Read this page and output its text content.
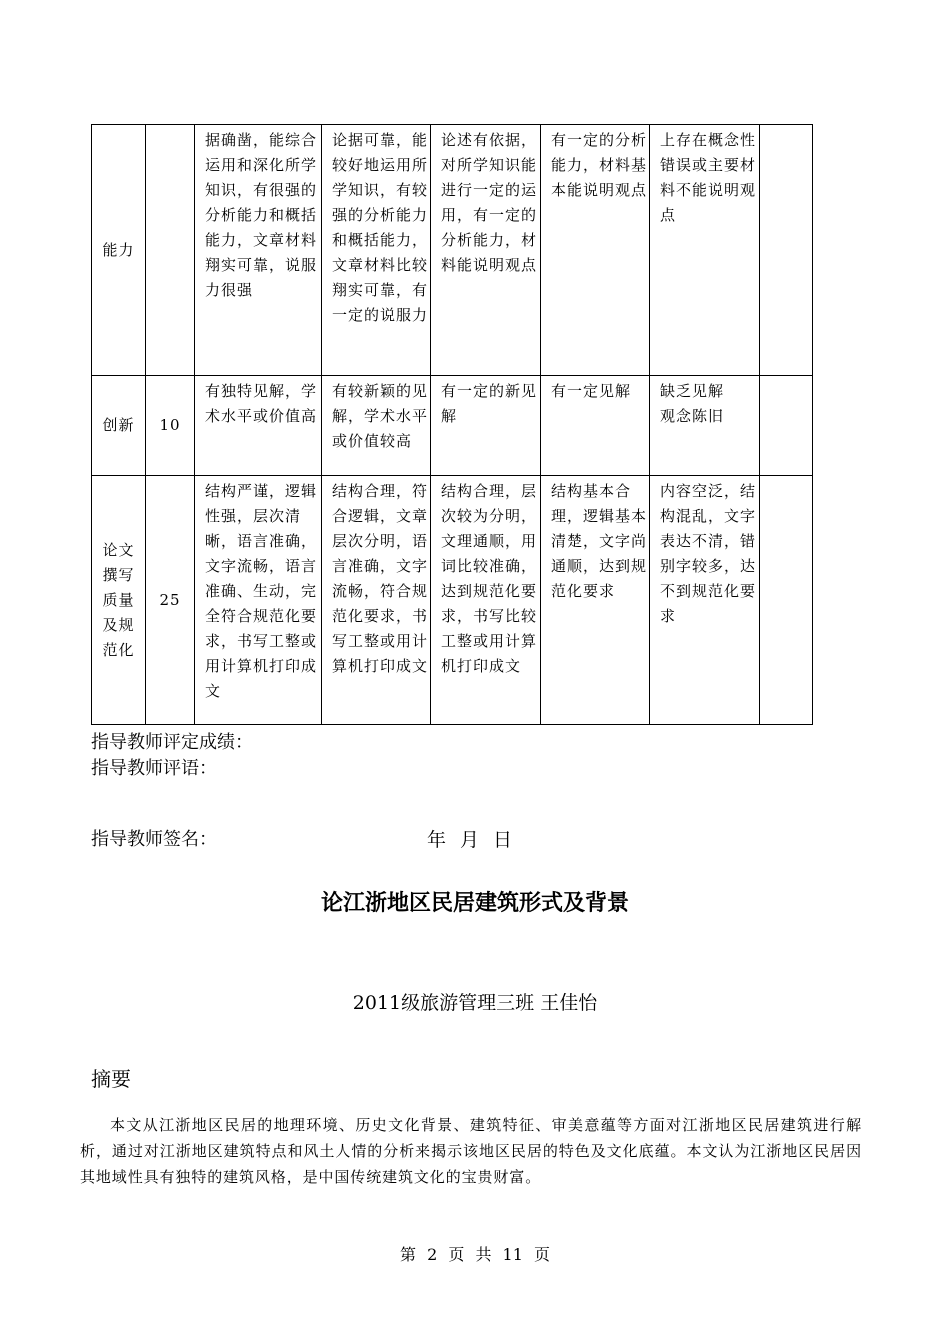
能力		据确凿，能综合运用和深化所学知识，有很强的分析能力和概括能力，文章材料翔实可靠，说服力很强	论据可靠，能较好地运用所学知识，有较强的分析能力和概括能力，文章材料比较翔实可靠，有一定的说服力	论述有依据，对所学知识能进行一定的运用，有一定的分析能力，材料能说明观点	有一定的分析能力，材料基本能说明观点	上存在概念性错误或主要材料不能说明观点	

创新	10	有独特见解，学术水平或价值高	有较新颖的见解，学术水平或价值较高	有一定的新见解	有一定见解	缺乏见解
观念陈旧	

论文撰写质量及规范化	25	结构严谨，逻辑性强，层次清晰，语言准确，文字流畅，语言准确、生动，完全符合规范化要求，书写工整或用计算机打印成文	结构合理，符合逻辑，文章层次分明，语言准确，文字流畅，符合规范化要求，书写工整或用计算机打印成文	结构合理，层次较为分明，文理通顺，用词比较准确，达到规范化要求，书写比较工整或用计算机打印成文	结构基本合理，逻辑基本清楚，文字尚通顺，达到规范化要求	内容空泛，结构混乱，文字表达不清，错别字较多，达不到规范化要求	

指导教师评定成绩：
指导教师评语：
指导教师签名：	年 月 日
论江浙地区民居建筑形式及背景
2011级旅游管理三班 王佳怡
摘要
本文从江浙地区民居的地理环境、历史文化背景、建筑特征、审美意蕴等方面对江浙地区民居建筑进行解析，通过对江浙地区建筑特点和风土人情的分析来揭示该地区民居的特色及文化底蕴。本文认为江浙地区民居因其地域性具有独特的建筑风格，是中国传统建筑文化的宝贵财富。
第 2 页 共 11 页
